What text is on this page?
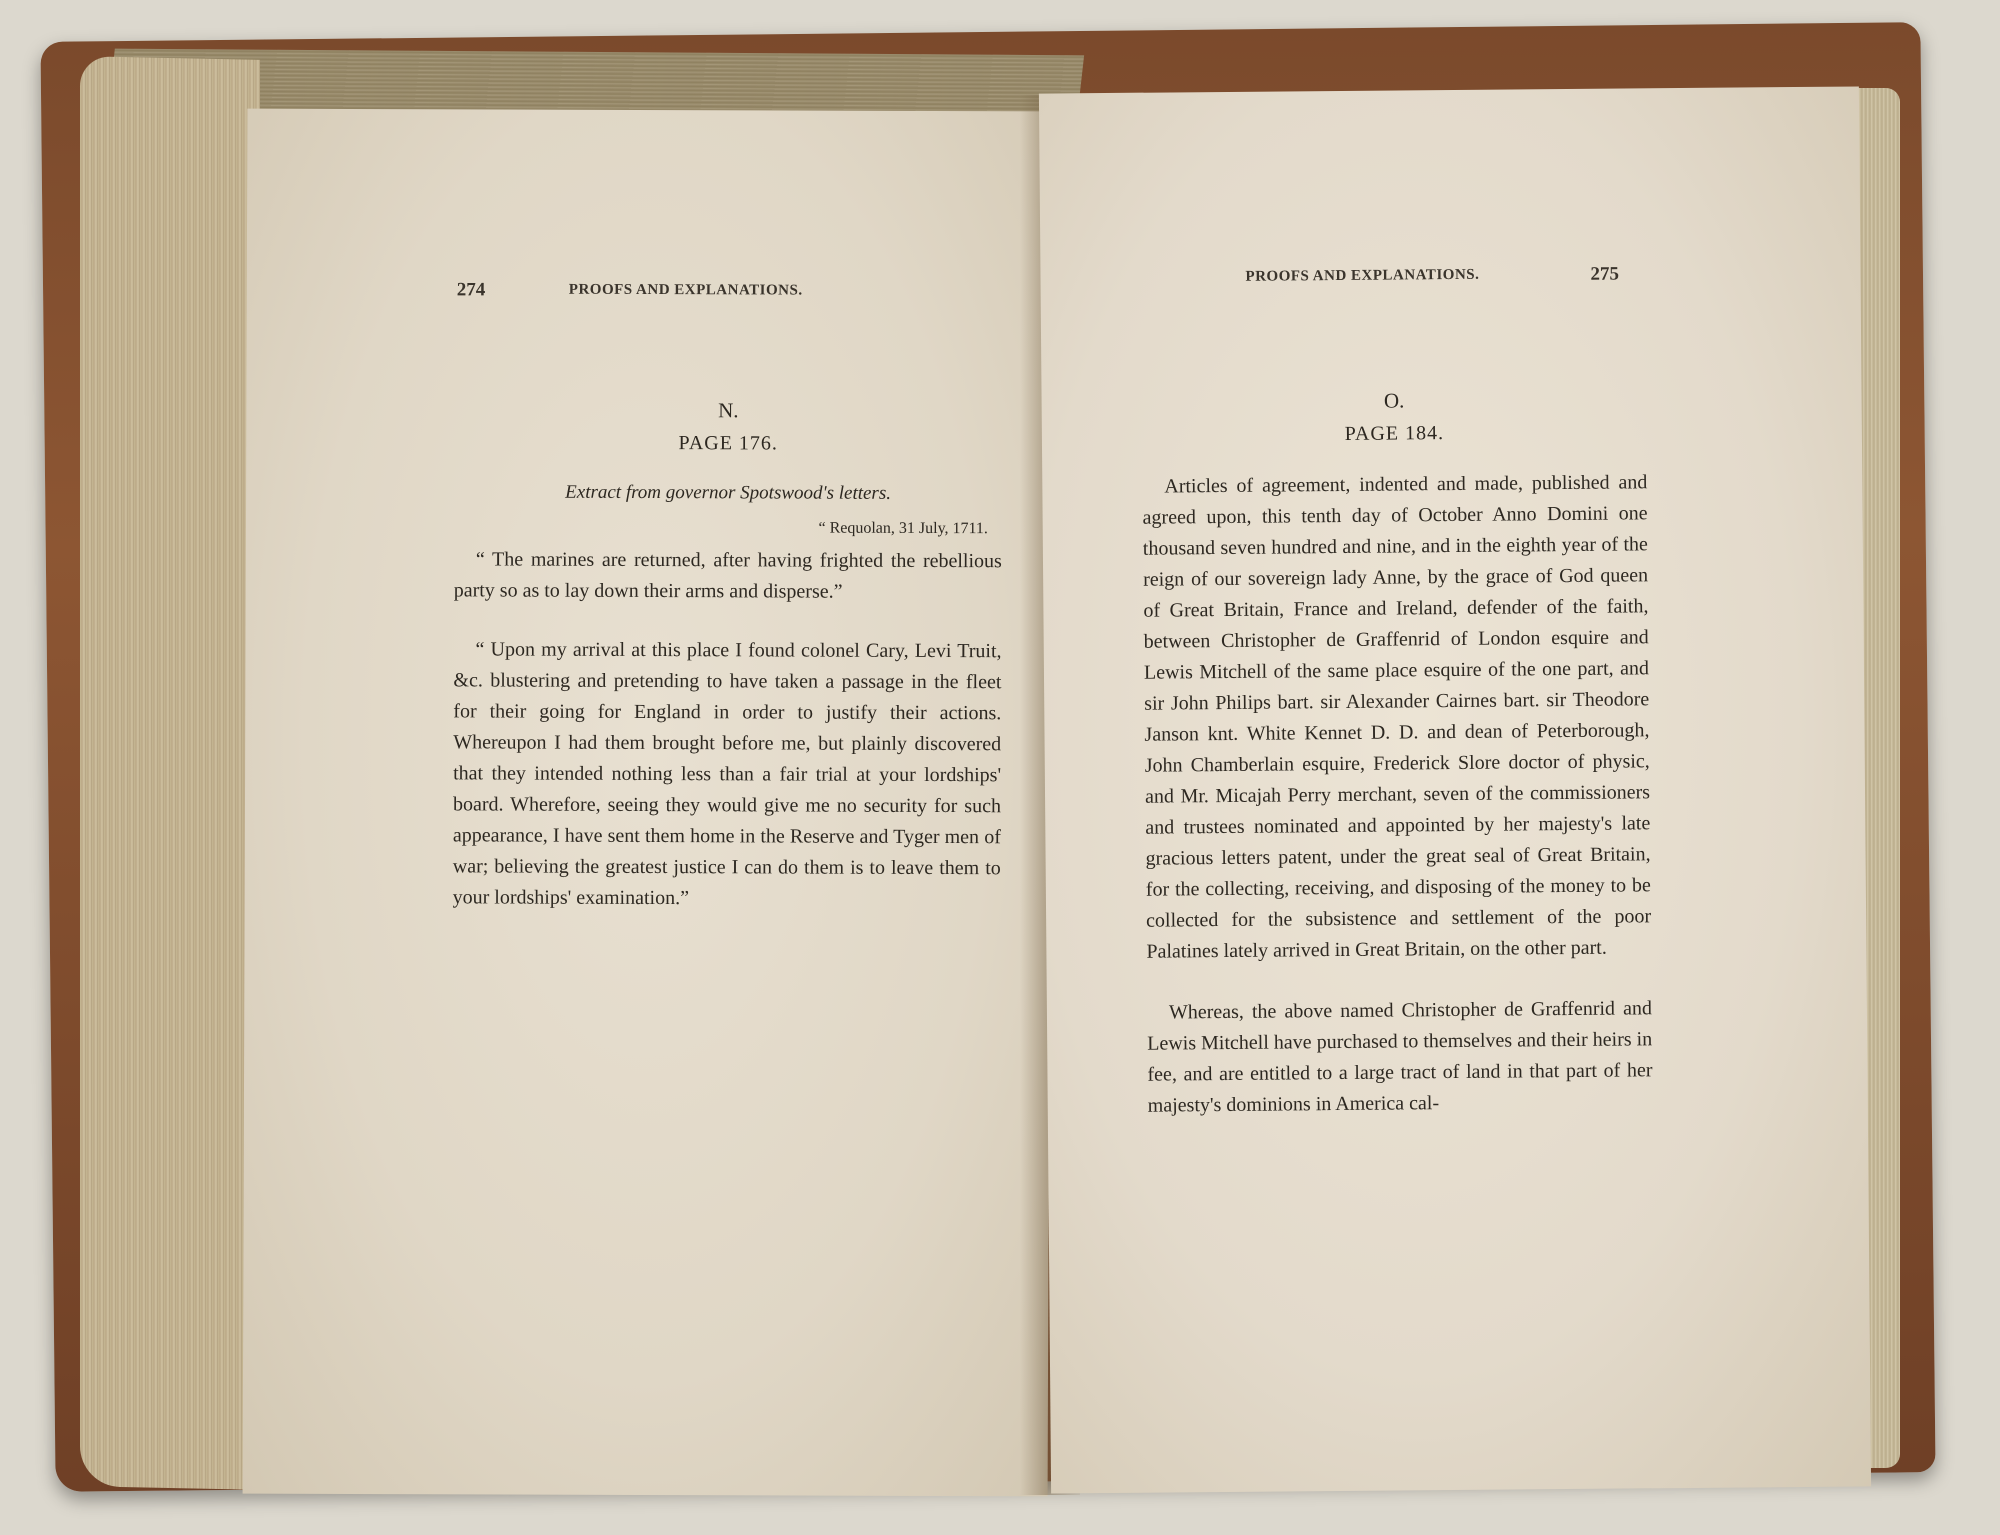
274	PROOFS AND EXPLANATIONS.
N.
PAGE 176.
Extract from governor Spotswood's letters.
“ Requolan, 31 July, 1711.

“ The marines are returned, after having frighted the rebellious party so as to lay down their arms and disperse.”

“ Upon my arrival at this place I found colonel Cary, Levi Truit, &c. blustering and pretending to have taken a passage in the fleet for their going for England in order to justify their actions. Whereupon I had them brought before me, but plainly discovered that they intended nothing less than a fair trial at your lordships' board. Wherefore, seeing they would give me no security for such appearance, I have sent them home in the Reserve and Tyger men of war; believing the greatest justice I can do them is to leave them to your lordships' examination.”

PROOFS AND EXPLANATIONS.	275
O.
PAGE 184.

Articles of agreement, indented and made, published and agreed upon, this tenth day of October Anno Domini one thousand seven hundred and nine, and in the eighth year of the reign of our sovereign lady Anne, by the grace of God queen of Great Britain, France and Ireland, defender of the faith, between Christopher de Graffenrid of London esquire and Lewis Mitchell of the same place esquire of the one part, and sir John Philips bart. sir Alexander Cairnes bart. sir Theodore Janson knt. White Kennet D. D. and dean of Peterborough, John Chamberlain esquire, Frederick Slore doctor of physic, and Mr. Micajah Perry merchant, seven of the commissioners and trustees nominated and appointed by her majesty's late gracious letters patent, under the great seal of Great Britain, for the collecting, receiving, and disposing of the money to be collected for the subsistence and settlement of the poor Palatines lately arrived in Great Britain, on the other part.

Whereas, the above named Christopher de Graffenrid and Lewis Mitchell have purchased to themselves and their heirs in fee, and are entitled to a large tract of land in that part of her majesty's dominions in America cal-
